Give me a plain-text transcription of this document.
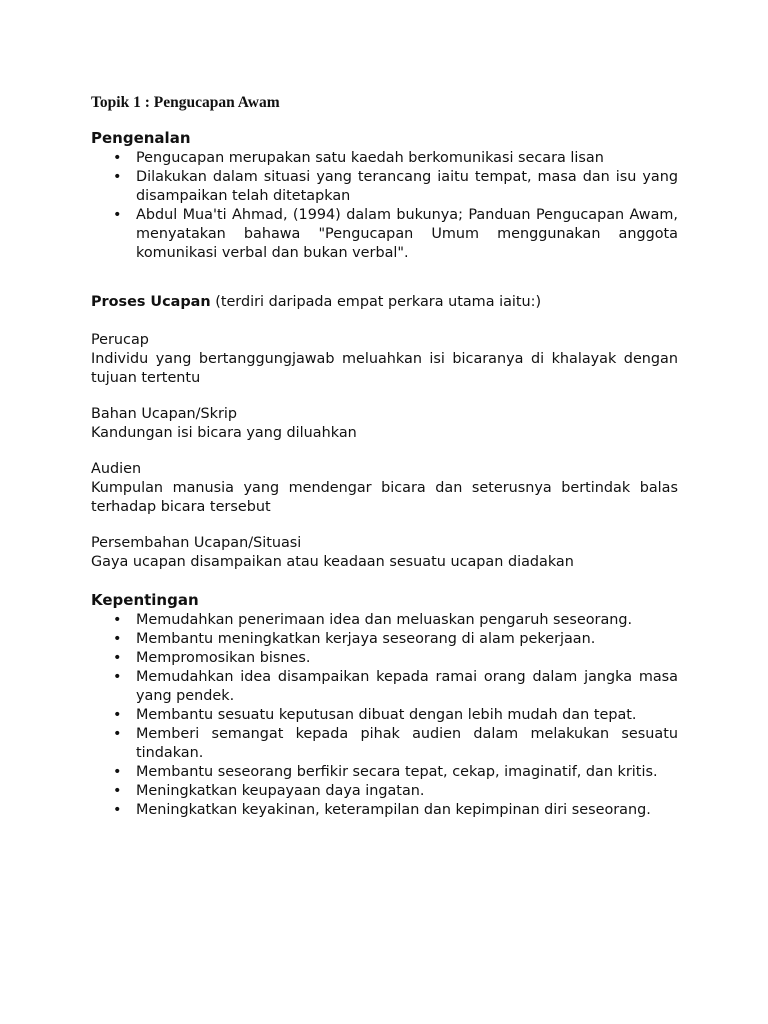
Topik 1 : Pengucapan Awam
Pengenalan
• Pengucapan merupakan satu kaedah berkomunikasi secara lisan
• Dilakukan dalam situasi yang terancang iaitu tempat, masa dan isu yang disampaikan telah ditetapkan
• Abdul Mua'ti Ahmad, (1994) dalam bukunya; Panduan Pengucapan Awam, menyatakan bahawa "Pengucapan Umum menggunakan anggota komunikasi verbal dan bukan verbal".

Proses Ucapan (terdiri daripada empat perkara utama iaitu:)

Perucap

Individu yang bertanggungjawab meluahkan isi bicaranya di khalayak dengan tujuan tertentu

Bahan Ucapan/Skrip

Kandungan isi bicara yang diluahkan

Audien

Kumpulan manusia yang mendengar bicara dan seterusnya bertindak balas terhadap bicara tersebut

Persembahan Ucapan/Situasi

Gaya ucapan disampaikan atau keadaan sesuatu ucapan diadakan

Kepentingan
• Memudahkan penerimaan idea dan meluaskan pengaruh seseorang.
• Membantu meningkatkan kerjaya seseorang di alam pekerjaan.
• Mempromosikan bisnes.
• Memudahkan idea disampaikan kepada ramai orang dalam jangka masa yang pendek.
• Membantu sesuatu keputusan dibuat dengan lebih mudah dan tepat.
• Memberi semangat kepada pihak audien dalam melakukan sesuatu tindakan.
• Membantu seseorang berfikir secara tepat, cekap, imaginatif, dan kritis.
• Meningkatkan keupayaan daya ingatan.
• Meningkatkan keyakinan, keterampilan dan kepimpinan diri seseorang.
